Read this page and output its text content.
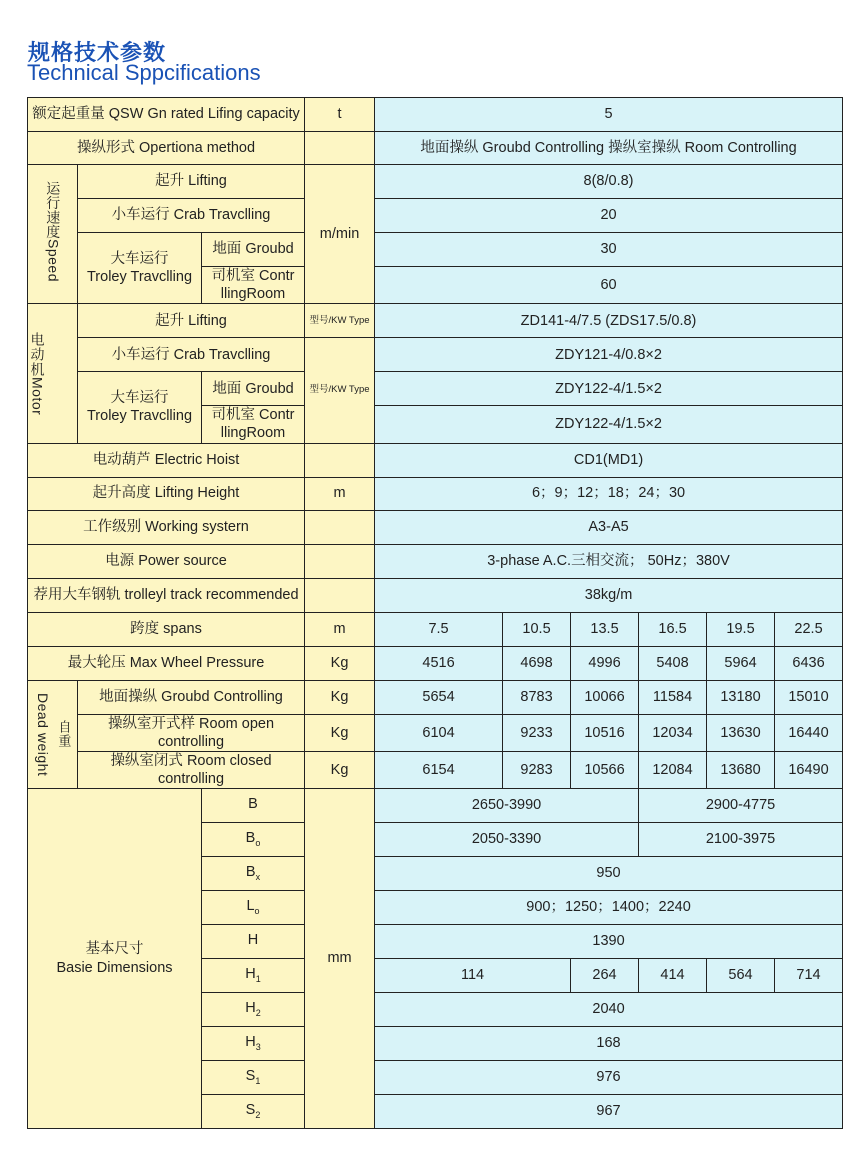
规格技术参数
Technical Sppcifications
额定起重量 QSW Gn rated Lifing capacity			t	5					
操纵形式 Opertiona method				地面操纵 Groubd Controlling 操纵室操纵 Room Controlling					
运行速度Speed	起升 Lifting		m/min	8(8/0.8)					
	小车运行 Crab Travclling			20					

	大车运行
Troley Travclling	地面 Groubd		30					
		司机室 Contr llingRoom		60					

电动机
Motor	起升 Lifting		型号/KW Type	ZD141-4/7.5 (ZDS17.5/0.8)					
	小车运行 Crab Travclling		型号/KW Type	ZDY121-4/0.8×2					

	大车运行
Troley Travclling	地面 Groubd		ZDY122-4/1.5×2					
		司机室 Contr llingRoom		ZDY122-4/1.5×2					
电动葫芦 Electric Hoist				CD1(MD1)					
起升高度 Lifting Height			m	6；9；12；18；24；30					
工作级别 Working systern				A3-A5					
电源 Power source				3-phase A.C.三相交流； 50Hz；380V					
荐用大车钢轨 trolleyl track recommended				38kg/m					
跨度 spans			m	7.5	10.5	13.5	16.5	19.5	22.5
最大轮压 Max Wheel Pressure			Kg	4516	4698	4996	5408	5964	6436
Dead weight 自重	地面操纵 Groubd Controlling		Kg	5654	8783	10066	11584	13180	15010
	操纵室开式样 Room open controlling		Kg	6104	9233	10516	12034	13630	16440
	操纵室闭式 Room closed controlling		Kg	6154	9283	10566	12084	13680	16490

基本尺寸
Basie Dimensions		B	mm	2650-3990			2900-4775		
		$B_o$		2050-3390			2100-3975		
		$B_x$		950					
		$L_o$		900；1250；1400；2240					
		H		1390					
		$H_1$		114		264	414	564	714
		$H_2$		2040					
		$H_3$		168					
		$S_1$		976					
		$S_2$		967					
